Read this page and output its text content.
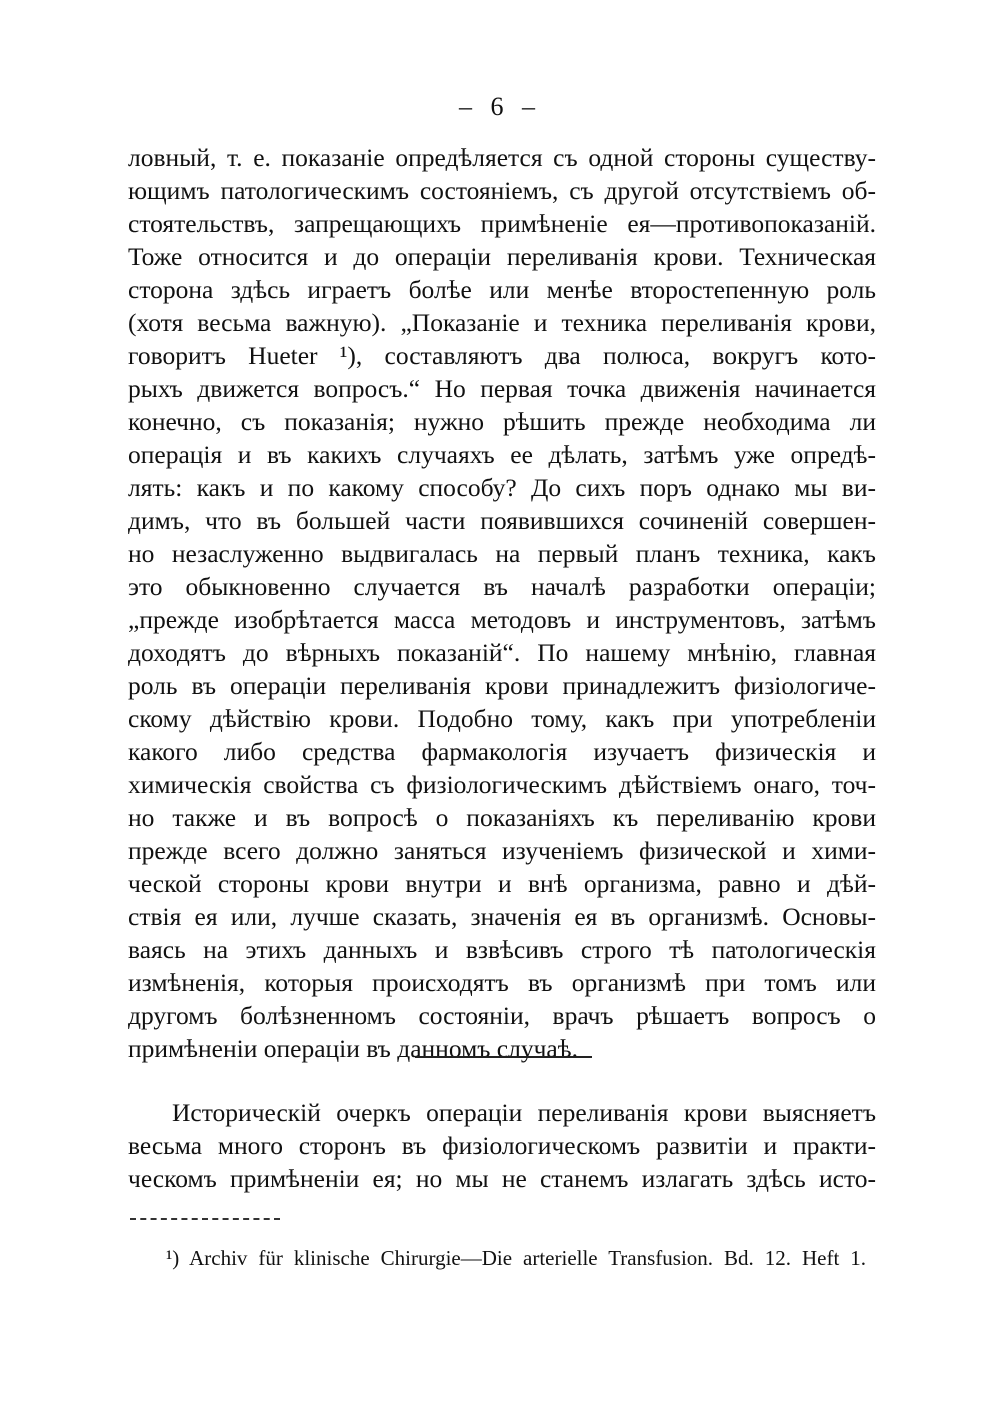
– 6 –
ловный, т. е. показаніе опредѣляется съ одной стороны существу-
ющимъ патологическимъ состояніемъ, съ другой отсутствіемъ об-
стоятельствъ, запрещающихъ примѣненіе ея—противопоказаній.
Тоже относится и до операціи переливанія крови. Техническая
сторона здѣсь играетъ болѣе или менѣе второстепенную роль
(хотя весьма важную). „Показаніе и техника переливанія крови,
говоритъ Hueter ¹), составляютъ два полюса, вокругъ кото-
рыхъ движется вопросъ.“ Но первая точка движенія начинается
конечно, съ показанія; нужно рѣшить прежде необходима ли
операція и въ какихъ случаяхъ ее дѣлать, затѣмъ уже опредѣ-
лять: какъ и по какому способу? До сихъ поръ однако мы ви-
димъ, что въ большей части появившихся сочиненій совершен-
но незаслуженно выдвигалась на первый планъ техника, какъ
это обыкновенно случается въ началѣ разработки операціи;
„прежде изобрѣтается масса методовъ и инструментовъ, затѣмъ
доходятъ до вѣрныхъ показаній“. По нашему мнѣнію, главная
роль въ операціи переливанія крови принадлежитъ физіологиче-
скому дѣйствію крови. Подобно тому, какъ при употребленіи
какого либо средства фармакологія изучаетъ физическія и
химическія свойства съ физіологическимъ дѣйствіемъ онаго, точ-
но также и въ вопросѣ о показаніяхъ къ переливанію крови
прежде всего должно заняться изученіемъ физической и хими-
ческой стороны крови внутри и внѣ организма, равно и дѣй-
ствія ея или, лучше сказать, значенія ея въ организмѣ. Основы-
ваясь на этихъ данныхъ и взвѣсивъ строго тѣ патологическія
измѣненія, которыя происходятъ въ организмѣ при томъ или
другомъ болѣзненномъ состояніи, врачъ рѣшаетъ вопросъ о
примѣненіи операціи въ данномъ случаѣ.
Историческій очеркъ операціи переливанія крови выясняетъ
весьма много сторонъ въ физіологическомъ развитіи и практи-
ческомъ примѣненіи ея; но мы не станемъ излагать здѣсь исто-
¹) Archiv für klinische Chirurgie—Die arterielle Transfusion. Bd. 12. Heft 1.
